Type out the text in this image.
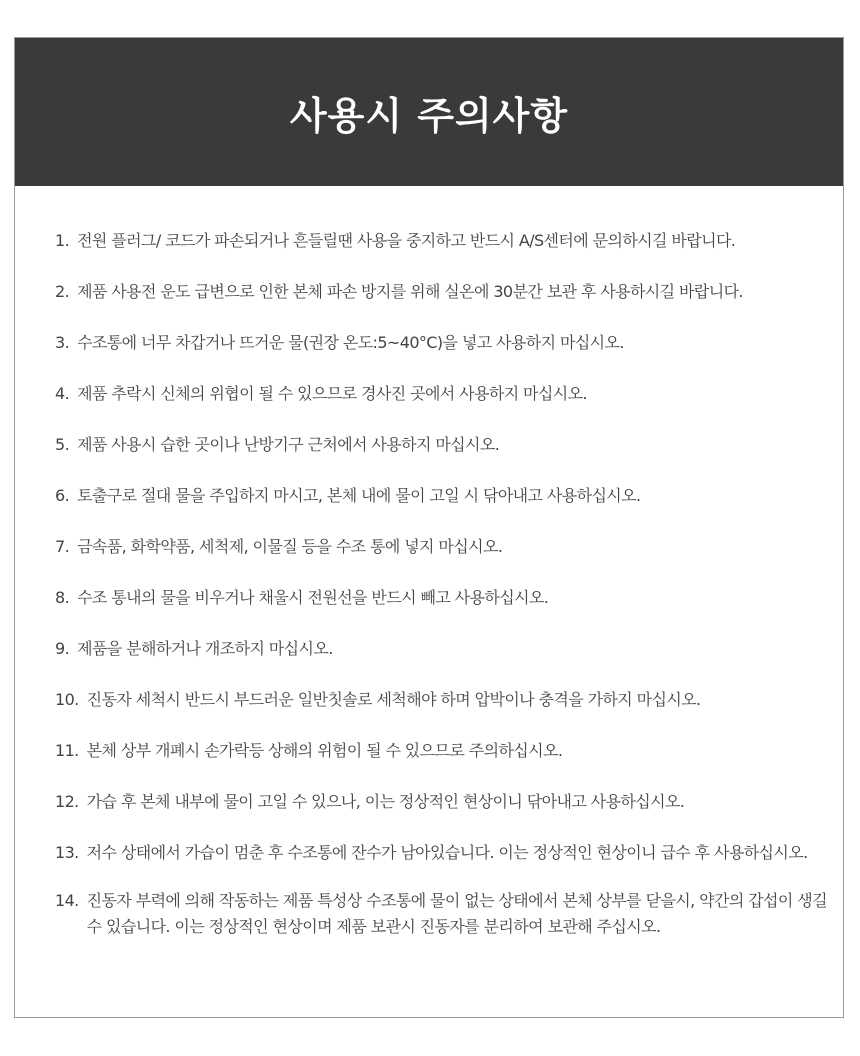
사용시 주의사항
1. 전원 플러그/ 코드가 파손되거나 흔들릴땐 사용을 중지하고 반드시 A/S센터에 문의하시길 바랍니다.
2. 제품 사용전 운도 급변으로 인한 본체 파손 방지를 위해 실온에 30분간 보관 후 사용하시길 바랍니다.
3. 수조통에 너무 차갑거나 뜨거운 물(권장 온도:5~40°C)을 넣고 사용하지 마십시오.
4. 제품 추락시 신체의 위협이 될 수 있으므로 경사진 곳에서 사용하지 마십시오.
5. 제품 사용시 습한 곳이나 난방기구 근처에서 사용하지 마십시오.
6. 토출구로 절대 물을 주입하지 마시고, 본체 내에 물이 고일 시 닦아내고 사용하십시오.
7. 금속품, 화학약품, 세척제, 이물질 등을 수조 통에 넣지 마십시오.
8. 수조 통내의 물을 비우거나 채울시 전원선을 반드시 빼고 사용하십시오.
9. 제품을 분해하거나 개조하지 마십시오.
10. 진동자 세척시 반드시 부드러운 일반칫솔로 세척해야 하며 압박이나 충격을 가하지 마십시오.
11. 본체 상부 개폐시 손가락등 상해의 위험이 될 수 있으므로 주의하십시오.
12. 가습 후 본체 내부에 물이 고일 수 있으나, 이는 정상적인 현상이니 닦아내고 사용하십시오.
13. 저수 상태에서 가습이 멈춘 후 수조통에 잔수가 남아있습니다. 이는 정상적인 현상이니 급수 후 사용하십시오.
14. 진동자 부력에 의해 작동하는 제품 특성상 수조통에 물이 없는 상태에서 본체 상부를 닫을시, 약간의 갑섭이 생길 수 있습니다. 이는 정상적인 현상이며 제품 보관시 진동자를 분리하여 보관해 주십시오.
